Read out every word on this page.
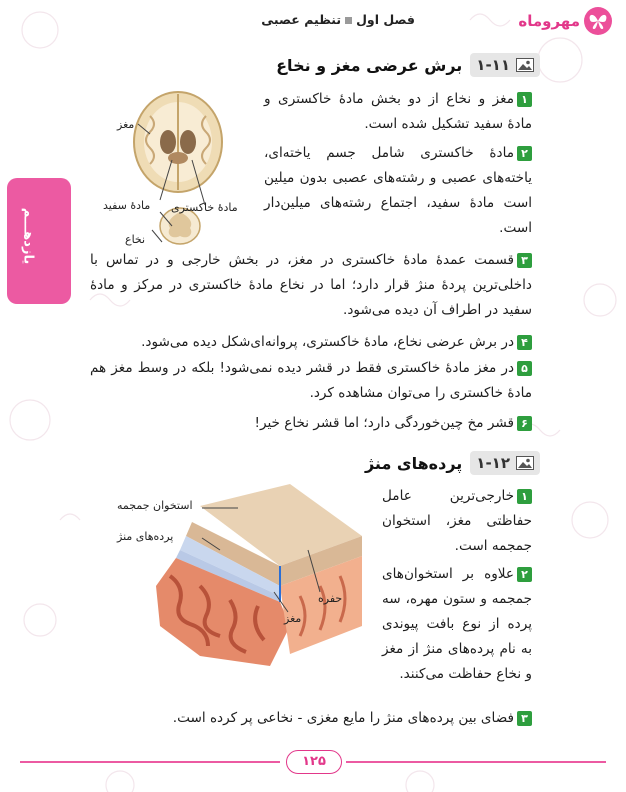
مهروماه
فصل اولتنظیم عصبی
یازدهـــم
۱-۱۱
برش عرضی مغز و نخاع
مغز
مادهٔ خاکستری
مادهٔ سفید
نخاع
۱مغز و نخاع از دو بخش مادهٔ خاکستری و مادهٔ سفید تشکیل شده است.
۲مادهٔ خاکستری شامل جسم یاخته‌ای، یاخته‌های عصبی و رشته‌های عصبی بدون میلین است مادهٔ سفید، اجتماع رشته‌های میلین‌دار است.
۳قسمت عمدهٔ مادهٔ خاکستری در مغز، در بخش خارجی و در تماس با داخلی‌ترین پردهٔ منژ قرار دارد؛ اما در نخاع مادهٔ خاکستری در مرکز و مادهٔ سفید در اطراف آن دیده می‌شود.
۴در برش عرضی نخاع، مادهٔ خاکستری، پروانه‌ای‌شکل دیده می‌شود.
۵در مغز مادهٔ خاکستری فقط در قشر دیده نمی‌شود! بلکه در وسط مغز هم مادهٔ خاکستری را می‌توان مشاهده کرد.
۶قشر مخ چین‌خوردگی دارد؛ اما قشر نخاع خیر!
۱-۱۲
پرده‌های منژ
استخوان جمجمه
پرده‌های منژ
حفره
مغز
۱خارجی‌ترین عامل حفاظتی مغز، استخوان جمجمه است.
۲علاوه بر استخوان‌های جمجمه و ستون مهره، سه پرده از نوع بافت پیوندی به نام پرده‌های منژ از مغز و نخاع حفاظت می‌کنند.
۳فضای بین پرده‌های منژ را مایع مغزی - نخاعی پر کرده است.
۱۲۵
